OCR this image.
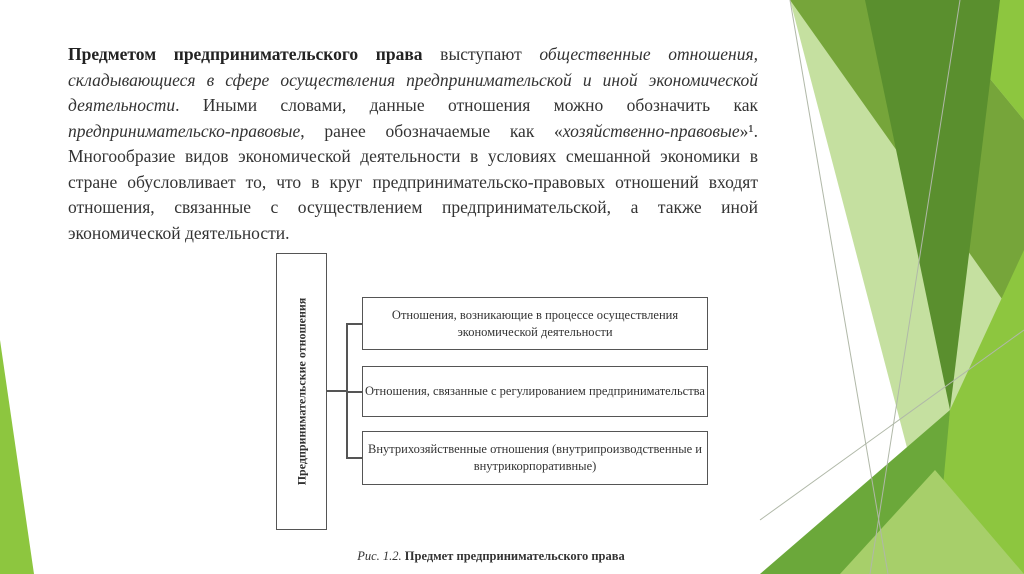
Предметом предпринимательского права выступают общественные отношения, складывающиеся в сфере осуществления предпринимательской и иной экономической деятельности. Иными словами, данные отношения можно обозначить как предпринимательско-правовые, ранее обозначаемые как «хозяйственно-правовые»¹. Многообразие видов экономической деятельности в условиях смешанной экономики в стране обусловливает то, что в круг предпринимательско-правовых отношений входят отношения, связанные с осуществлением предпринимательской, а также иной экономической деятельности.
Предпринимательские отношения	Отношения, возникающие в процессе осуществления экономической деятельности
Отношения, связанные с регулированием предпринимательства
Внутрихозяйственные отношения (внутрипроизводственные и внутрикорпоративные)
Рис. 1.2. Предмет предпринимательского права
